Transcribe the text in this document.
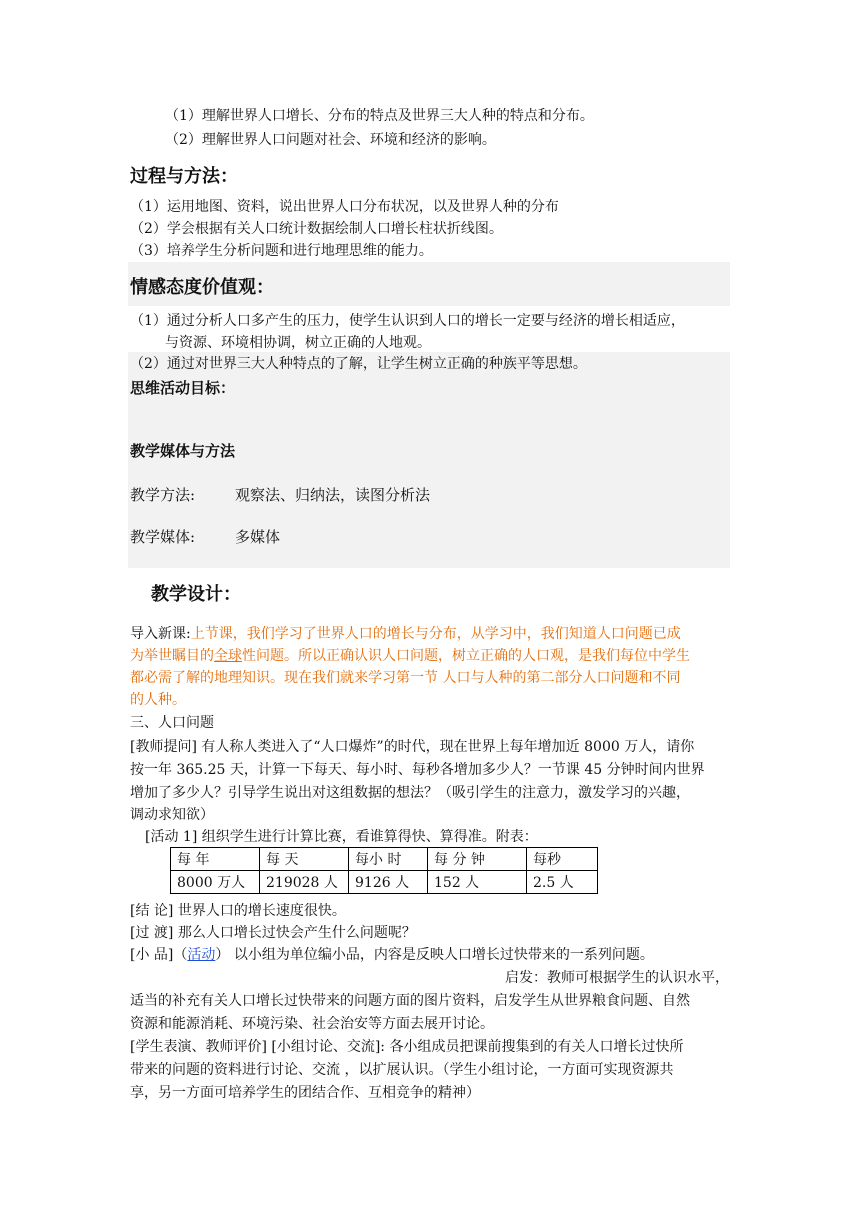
（1）理解世界人口增长、分布的特点及世界三大人种的特点和分布。
（2）理解世界人口问题对社会、环境和经济的影响。
过程与方法：
（1）运用地图、资料，说出世界人口分布状况，以及世界人种的分布
（2）学会根据有关人口统计数据绘制人口增长柱状折线图。
（3）培养学生分析问题和进行地理思维的能力。
情感态度价值观：
（1）通过分析人口多产生的压力，使学生认识到人口的增长一定要与经济的增长相适应，
与资源、环境相协调，树立正确的人地观。
（2）通过对世界三大人种特点的了解，让学生树立正确的种族平等思想。
思维活动目标：
教学媒体与方法
教学方法:	观察法、归纳法，读图分析法
教学媒体:	多媒体
教学设计：
导入新课:上节课，我们学习了世界人口的增长与分布，从学习中，我们知道人口问题已成
为举世瞩目的全球性问题。所以正确认识人口问题，树立正确的人口观，是我们每位中学生
都必需了解的地理知识。现在我们就来学习第一节 人口与人种的第二部分人口问题和不同
的人种。
三、人口问题
[教师提问] 有人称人类进入了“人口爆炸”的时代，现在世界上每年增加近 8000 万人，请你
按一年 365.25 天，计算一下每天、每小时、每秒各增加多少人？一节课 45 分钟时间内世界
增加了多少人？引导学生说出对这组数据的想法？（吸引学生的注意力，激发学习的兴趣，
调动求知欲）
[活动 1] 组织学生进行计算比赛，看谁算得快、算得准。附表：
每 年	每 天	每小 时	每 分 钟	每秒
8000 万人	219028 人	9126 人	152 人	2.5 人
[结 论] 世界人口的增长速度很快。
[过 渡] 那么人口增长过快会产生什么问题呢？
[小 品]（活动） 以小组为单位编小品，内容是反映人口增长过快带来的一系列问题。
启发：教师可根据学生的认识水平，
适当的补充有关人口增长过快带来的问题方面的图片资料，启发学生从世界粮食问题、自然
资源和能源消耗、环境污染、社会治安等方面去展开讨论。
[学生表演、教师评价] [小组讨论、交流]: 各小组成员把课前搜集到的有关人口增长过快所
带来的问题的资料进行讨论、交流 ，以扩展认识。（学生小组讨论，一方面可实现资源共
享，另一方面可培养学生的团结合作、互相竞争的精神）
